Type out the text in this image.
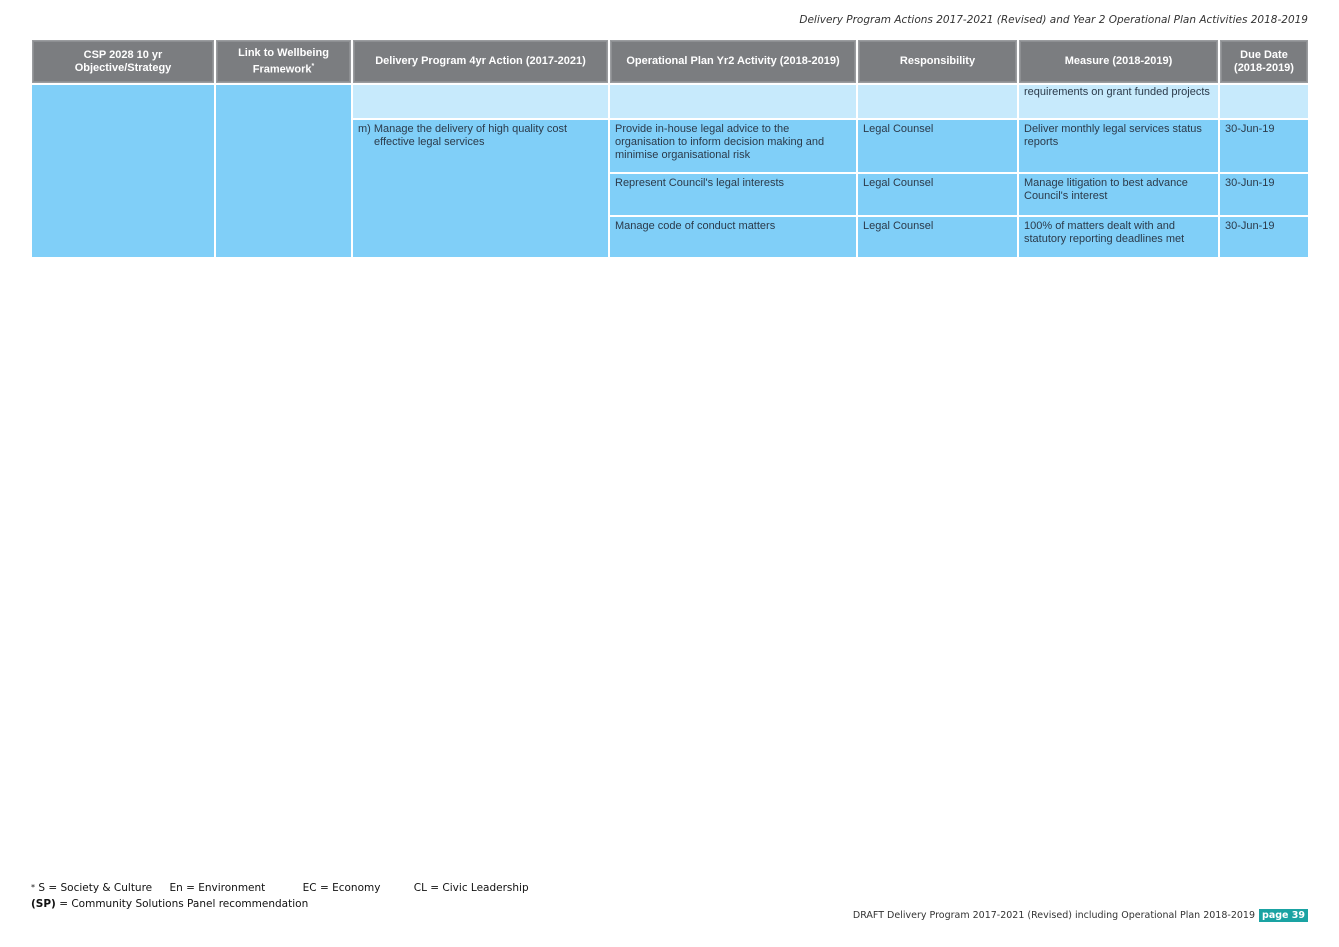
Delivery Program Actions 2017-2021 (Revised) and Year 2 Operational Plan Activities 2018-2019
CSP 2028 10 yr Objective/Strategy	Link to Wellbeing Framework*	Delivery Program 4yr Action (2017-2021)	Operational Plan Yr2 Activity (2018-2019)	Responsibility	Measure (2018-2019)	Due Date (2018-2019)
					requirements on grant funded projects	

		m) Manage the delivery of high quality cost effective legal services	Provide in-house legal advice to the organisation to inform decision making and minimise organisational risk	Legal Counsel	Deliver monthly legal services status reports	30-Jun-19
			Represent Council's legal interests	Legal Counsel	Manage litigation to best advance Council's interest	30-Jun-19
			Manage code of conduct matters	Legal Counsel	100% of matters dealt with and statutory reporting deadlines met	30-Jun-19
* S = Society & Culture En = Environment	EC = Economy	CL = Civic Leadership
(SP) = Community Solutions Panel recommendation
DRAFT Delivery Program 2017-2021 (Revised) including Operational Plan 2018-2019 page 39
